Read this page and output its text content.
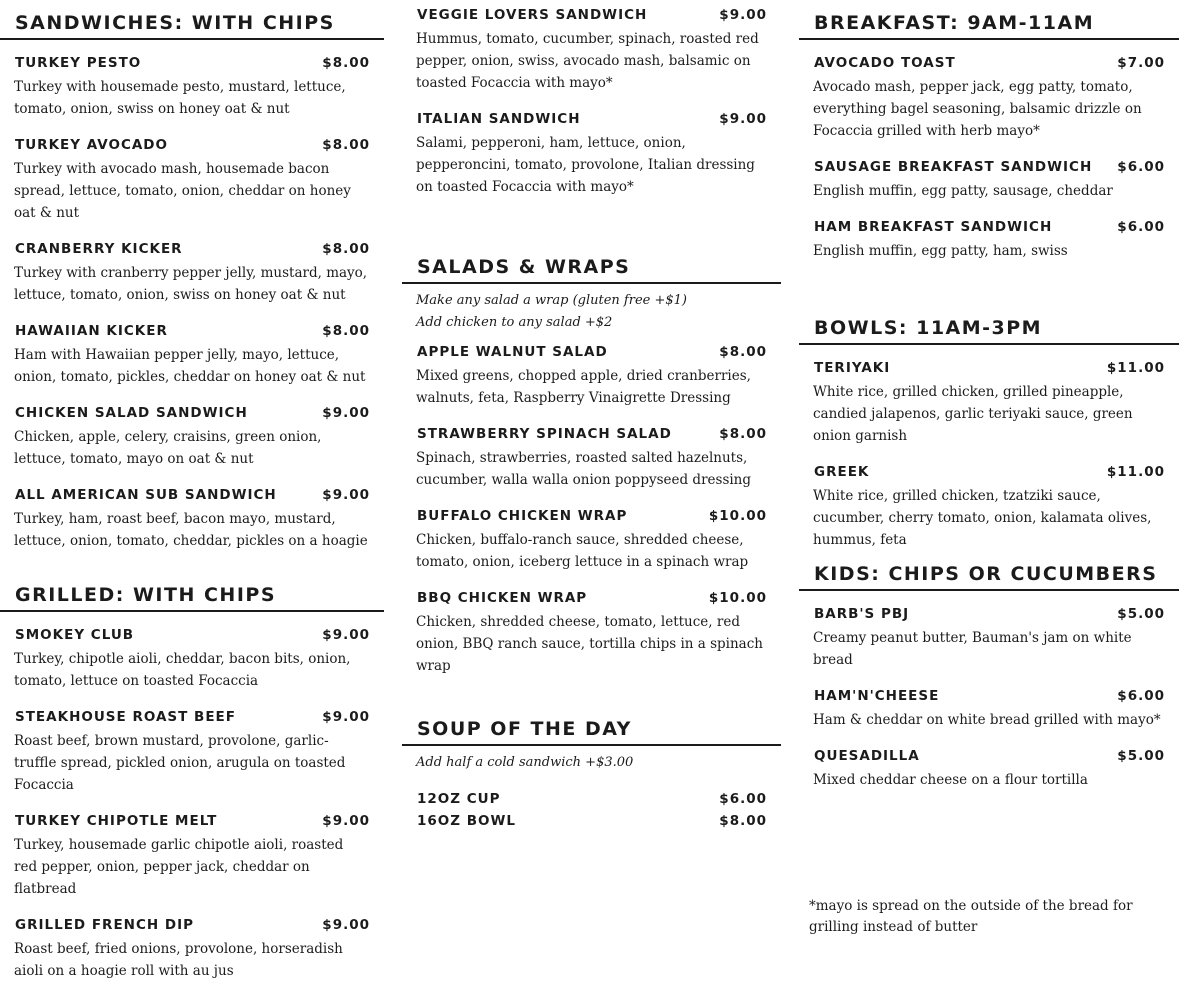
SANDWICHES: WITH CHIPS
TURKEY PESTO	$8.00
Turkey with housemade pesto, mustard, lettuce, tomato, onion, swiss on honey oat & nut
TURKEY AVOCADO	$8.00
Turkey with avocado mash, housemade bacon spread, lettuce, tomato, onion, cheddar on honey oat & nut
CRANBERRY KICKER	$8.00
Turkey with cranberry pepper jelly, mustard, mayo, lettuce, tomato, onion, swiss on honey oat & nut
HAWAIIAN KICKER	$8.00
Ham with Hawaiian pepper jelly, mayo, lettuce, onion, tomato, pickles, cheddar on honey oat & nut
CHICKEN SALAD SANDWICH	$9.00
Chicken, apple, celery, craisins, green onion, lettuce, tomato, mayo on oat & nut
ALL AMERICAN SUB SANDWICH	$9.00
Turkey, ham, roast beef, bacon mayo, mustard, lettuce, onion, tomato, cheddar, pickles on a hoagie
GRILLED: WITH CHIPS
SMOKEY CLUB	$9.00
Turkey, chipotle aioli, cheddar, bacon bits, onion, tomato, lettuce on toasted Focaccia
STEAKHOUSE ROAST BEEF	$9.00
Roast beef, brown mustard, provolone, garlic-truffle spread, pickled onion, arugula on toasted Focaccia
TURKEY CHIPOTLE MELT	$9.00
Turkey, housemade garlic chipotle aioli, roasted red pepper, onion, pepper jack, cheddar on flatbread
GRILLED FRENCH DIP	$9.00
Roast beef, fried onions, provolone, horseradish aioli on a hoagie roll with au jus
VEGGIE LOVERS SANDWICH	$9.00
Hummus, tomato, cucumber, spinach, roasted red pepper, onion, swiss, avocado mash, balsamic on toasted Focaccia with mayo*
ITALIAN SANDWICH	$9.00
Salami, pepperoni, ham, lettuce, onion, pepperoncini, tomato, provolone, Italian dressing on toasted Focaccia with mayo*
SALADS & WRAPS
Make any salad a wrap (gluten free +$1)
Add chicken to any salad +$2
APPLE WALNUT SALAD	$8.00
Mixed greens, chopped apple, dried cranberries, walnuts, feta, Raspberry Vinaigrette Dressing
STRAWBERRY SPINACH SALAD	$8.00
Spinach, strawberries, roasted salted hazelnuts, cucumber, walla walla onion poppyseed dressing
BUFFALO CHICKEN WRAP	$10.00
Chicken, buffalo-ranch sauce, shredded cheese, tomato, onion, iceberg lettuce in a spinach wrap
BBQ CHICKEN WRAP	$10.00
Chicken, shredded cheese, tomato, lettuce, red onion, BBQ ranch sauce, tortilla chips in a spinach wrap
SOUP OF THE DAY
Add half a cold sandwich +$3.00
12OZ CUP	$6.00
16OZ BOWL	$8.00
BREAKFAST: 9AM-11AM
AVOCADO TOAST	$7.00
Avocado mash, pepper jack, egg patty, tomato, everything bagel seasoning, balsamic drizzle on Focaccia grilled with herb mayo*
SAUSAGE BREAKFAST SANDWICH $6.00
English muffin, egg patty, sausage, cheddar
HAM BREAKFAST SANDWICH	$6.00
English muffin, egg patty, ham, swiss
BOWLS: 11AM-3PM
TERIYAKI	$11.00
White rice, grilled chicken, grilled pineapple, candied jalapenos, garlic teriyaki sauce, green onion garnish
GREEK	$11.00
White rice, grilled chicken, tzatziki sauce, cucumber, cherry tomato, onion, kalamata olives, hummus, feta
KIDS: CHIPS OR CUCUMBERS
BARB'S PBJ	$5.00
Creamy peanut butter, Bauman's jam on white bread
HAM'N'CHEESE	$6.00
Ham & cheddar on white bread grilled with mayo*
QUESADILLA	$5.00
Mixed cheddar cheese on a flour tortilla
*mayo is spread on the outside of the bread for grilling instead of butter
